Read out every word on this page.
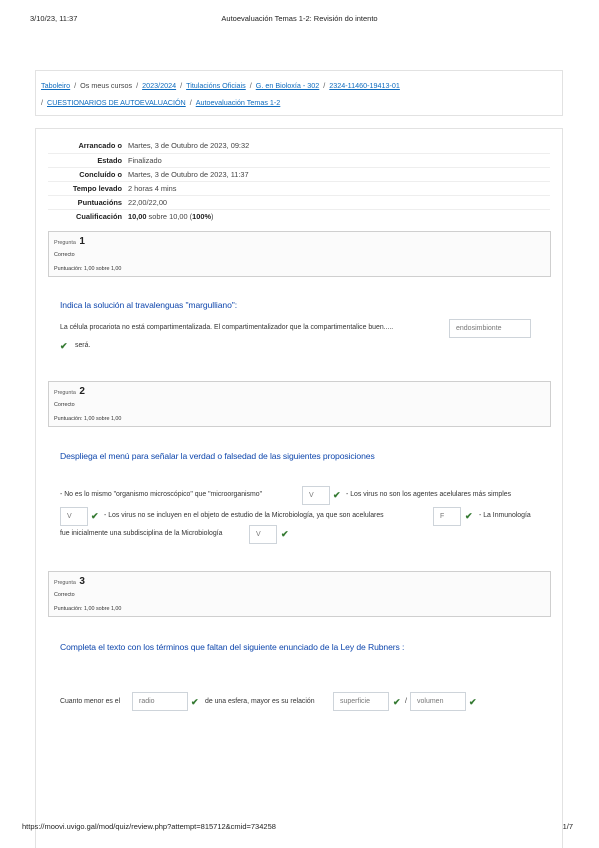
3/10/23, 11:37	Autoevaluación Temas 1-2: Revisión do intento
Taboleiro / Os meus cursos / 2023/2024 / Titulacións Oficiais / G. en Bioloxía - 302 / 2324-11460-19413-01
/ CUESTIONARIOS DE AUTOEVALUACIÓN / Autoevaluación Temas 1-2
Arrancado o Martes, 3 de Outubro de 2023, 09:32
Estado Finalizado
Concluído o Martes, 3 de Outubro de 2023, 11:37
Tempo levado 2 horas 4 mins
Puntuacións 22,00/22,00
Cualificación 10,00 sobre 10,00 (100%)
Pregunta 1
Correcto
Puntuación: 1,00 sobre 1,00
Indica la solución al travalenguas "margulliano":
La célula procariota no está compartimentalizada. El compartimentalizador que la compartimentalice buen.....	endosimbionte
✔ será.
Pregunta 2
Correcto
Puntuación: 1,00 sobre 1,00
Despliega el menú para señalar la verdad o falsedad de las siguientes proposiciones
- No es lo mismo "organismo microscópico" que "microorganismo"	V	✔ - Los virus no son los agentes acelulares más simples
V	✔ - Los virus no se incluyen en el objeto de estudio de la Microbiología, ya que son acelulares	F	✔ - La Inmunología
fue inicialmente una subdisciplina de la Microbiología	V	✔
Pregunta 3
Correcto
Puntuación: 1,00 sobre 1,00
Completa el texto con los términos que faltan del siguiente enunciado de la Ley de Rubners :
Cuanto menor es el	radio	✔ de una esfera, mayor es su relación	superficie	✔ /	volumen	✔
https://moovi.uvigo.gal/mod/quiz/review.php?attempt=815712&cmid=734258	1/7
